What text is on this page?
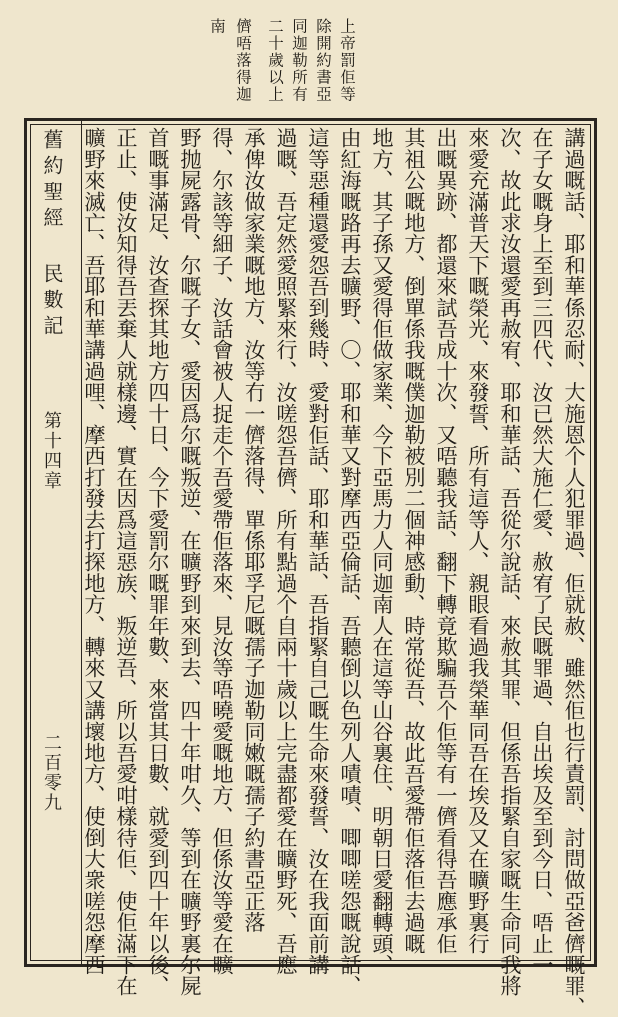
上帝罰佢等
除開約書亞
同迦勒所有
二十歲以上
儕唔落得迦
南
舊約聖經 民數記
第十四章
二百零九	講過嘅話、耶和華係忍耐、大施恩个人犯罪過、佢就赦、雖然佢也行責罰、討問做亞爸儕嘅罪、
在子女嘅身上至到三四代、汝已然大施仁愛、赦宥了民嘅罪過、自出埃及至到今日、唔止一
次、故此求汝還愛再赦宥、耶和華話、吾從尔說話、來赦其罪、但係吾指緊自家嘅生命同我將
來愛充滿普天下嘅榮光、來發誓、所有這等人、親眼看過我榮華同吾在埃及又在曠野裏行
出嘅異跡、都還來試吾成十次、又唔聽我話、翻下轉竟欺騙吾个佢等有一儕看得吾應承佢
其祖公嘅地方、倒單係我嘅僕迦勒被別二個神感動、時常從吾、故此吾愛帶佢落佢去過嘅
地方、其子孫又愛得佢做家業、今下亞馬力人同迦南人在這等山谷裏住、明朝日愛翻轉頭、
由紅海嘅路再去曠野、〇、耶和華又對摩西亞倫話、吾聽倒以色列人嘖嘖、唧唧嗟怨嘅說話、
這等惡種還愛怨吾到幾時、愛對佢話、耶和華話、吾指緊自己嘅生命來發誓、汝在我面前講
過嘅、吾定然愛照緊來行、汝嗟怨吾儕、所有點過个自兩十歲以上完盡都愛在曠野死、吾應
承俾汝做家業嘅地方、汝等冇一儕落得、單係耶孚尼嘅孺子迦勒同嫩嘅孺子約書亞正落
得、尔該等細子、汝話會被人捉走个吾愛帶佢落來、見汝等唔曉愛嘅地方、但係汝等愛在曠
野抛屍露骨、尔嘅子女、愛因爲尔嘅叛逆、在曠野到來到去、四十年咁久、等到在曠野裏尔屍
首嘅事滿足、汝查探其地方四十日、今下愛罰尔嘅罪年數、來當其日數、就愛到四十年以後、
正止、使汝知得吾丟棄人就樣邊、實在因爲這惡族、叛逆吾、所以吾愛咁樣待佢、使佢滿下在
曠野來滅亡、吾耶和華講過哩、摩西打發去打探地方、轉來又講壞地方、使倒大衆嗟怨摩西
